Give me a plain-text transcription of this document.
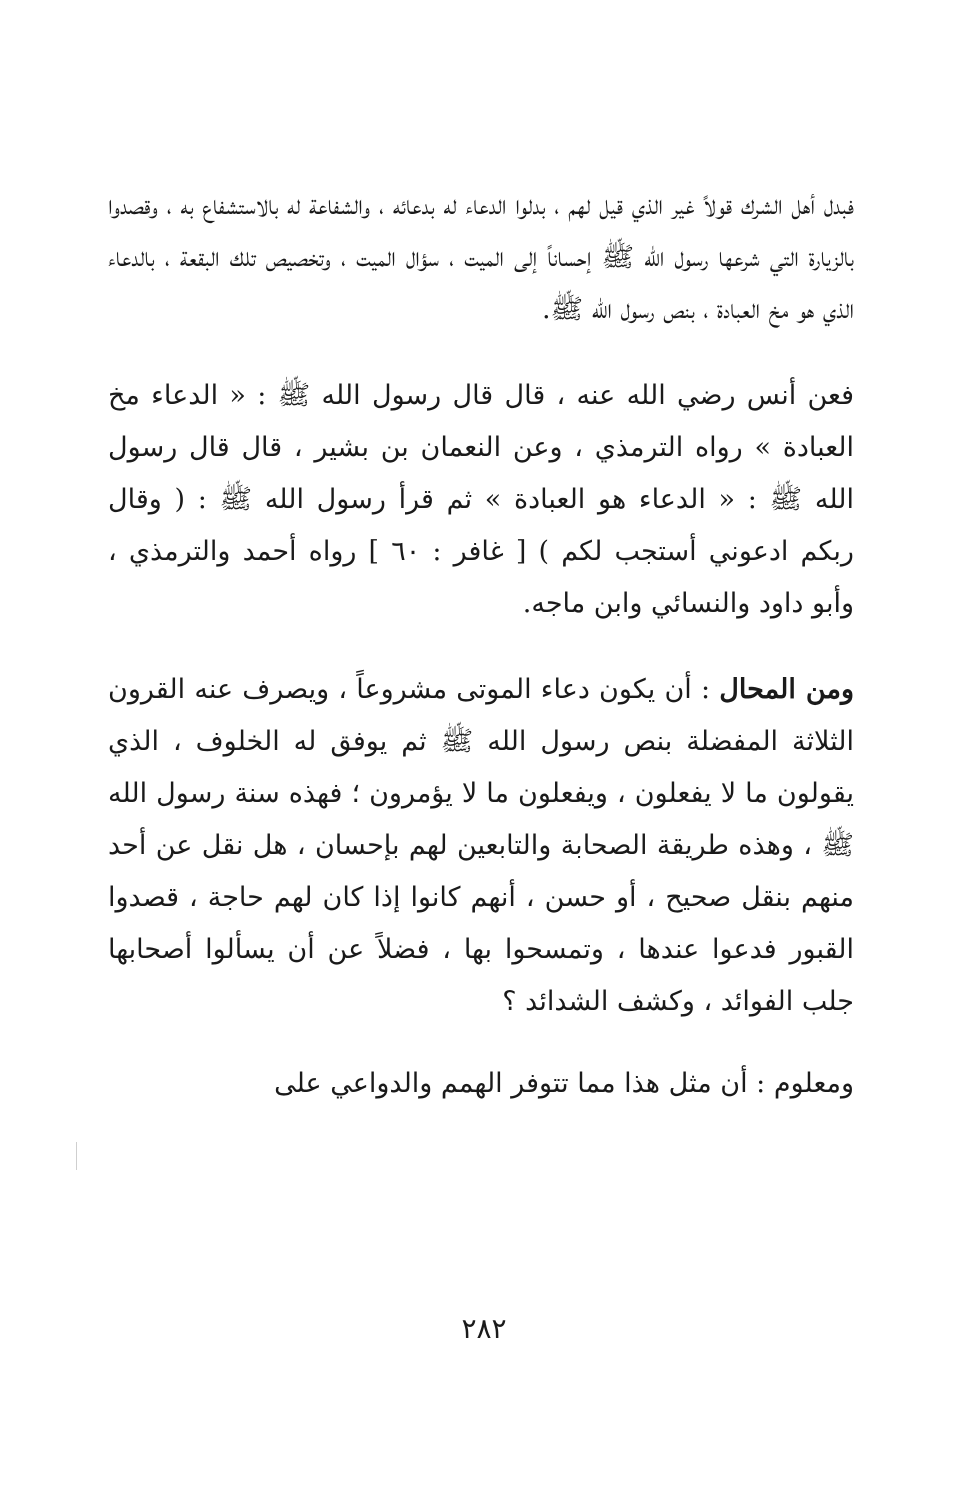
فبدل أهل الشرك قولاً غير الذي قيل لهم ، بدلوا الدعاء له بدعائه ، والشفاعة له بالاستشفاع به ، وقصدوا بالزيارة التي شرعها رسول الله ﷺ إحساناً إلى الميت ، سؤال الميت ، وتخصيص تلك البقعة ، بالدعاء الذي هو مخ العبادة ، بنص رسول الله ﷺ.

فعن أنس رضي الله عنه ، قال قال رسول الله ﷺ : « الدعاء مخ العبادة » رواه الترمذي ، وعن النعمان بن بشير ، قال قال رسول الله ﷺ : « الدعاء هو العبادة » ثم قرأ رسول الله ﷺ : ( وقال ربكم ادعوني أستجب لكم ) [ غافر : ٦٠ ] رواه أحمد والترمذي ، وأبو داود والنسائي وابن ماجه.

ومن المحال : أن يكون دعاء الموتى مشروعاً ، ويصرف عنه القرون الثلاثة المفضلة بنص رسول الله ﷺ ثم يوفق له الخلوف ، الذي يقولون ما لا يفعلون ، ويفعلون ما لا يؤمرون ؛ فهذه سنة رسول الله ﷺ ، وهذه طريقة الصحابة والتابعين لهم بإحسان ، هل نقل عن أحد منهم بنقل صحيح ، أو حسن ، أنهم كانوا إذا كان لهم حاجة ، قصدوا القبور فدعوا عندها ، وتمسحوا بها ، فضلاً عن أن يسألوا أصحابها جلب الفوائد ، وكشف الشدائد ؟

ومعلوم : أن مثل هذا مما تتوفر الهمم والدواعي على

٢٨٢
